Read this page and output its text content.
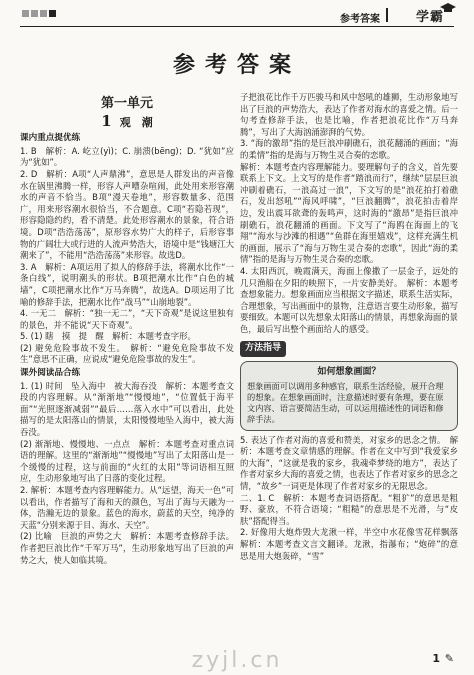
参考答案	学霸
参考答案
第一单元
1 观　潮
课内重点提优练
1. B　解析：A. 屹立(yì)；C. 崩溃(bēng)；D. “犹如”应为“犹如”。
2. D　解析：A项“人声鼎沸”，意思是人群发出的声音像水在锅里沸腾一样，形容人声嘈杂喧闹，此处用来形容潮水的声音不恰当。B项“漫天卷地”，形容数量多、范围广，用来形容潮水很恰当，不合题意。C项“若隐若现”，形容隐隐约约，看不清楚。此处形容潮水的景象，符合语境。D项“浩浩荡荡”，原形容水势广大的样子，后形容事物的广阔壮大或行进的人流声势浩大，语境中是“钱塘江大潮来了”，不能用“浩浩荡荡”来形容。故选D。
3. A　解析：A项运用了拟人的修辞手法，将潮水比作“一条白线”，说明潮头的形状。B项把潮水比作“白色的城墙”，C项把潮水比作“万马奔腾”，故选A。D项运用了比喻的修辞手法，把潮水比作“战马”“山崩地裂”。
4. 一无二　解析：“独一无二”，“天下奇观”是说这里独有的景色，并不能说“天下奇观”。
5. (1) 瞎　摸　提　醒　解析：本题考查字形。
(2) 避免危险事故不发生。　解析：“避免危险事故不发生”意思不正确，应说成“避免危险事故的发生”。
课外阅读品合练
1. (1) 时间　坠入海中　被大海吞没　解析：本题考查文段的内容理解。从“渐渐地”“慢慢地”，“位置低于海平面”“光照逐渐减弱”“最后……落入水中”可以看出，此处描写的是太阳落山的情景，太阳慢慢地坠入海中，被大海吞没。
(2) 渐渐地、慢慢地、一点点　解析：本题考查对重点词语的理解。这里的“渐渐地”“慢慢地”写出了太阳落山是一个缓慢的过程，这与前面的“火红的太阳”等词语相互照应，生动形象地写出了日落的变化过程。
2. 解析：本题考查内容理解能力。从“远望，海天一色”可以看出，作者描写了海和天的颜色，写出了海与天融为一体，浩瀚无边的景象。蓝色的海水，蔚蓝的天空，纯净的天蓝“分别来源于目、海水、天空”。
(2) 比喻　巨浪的声势之大　解析：本题考查修辞手法。作者把巨浪比作“千军万马”，生动形象地写出了巨浪的声势之大，使人如临其境。
子把浪花比作千万匹骏马和风中怒吼的雄狮，生动形象地写出了巨浪的声势浩大，表达了作者对海水的喜爱之情。后一句考查修辞手法，也是比喻，作者把浪花比作“万马奔腾”，写出了大海汹涌澎湃的气势。
3. “海的激昂”指的是巨浪冲刷礁石，浪花翻涌的画面；“海的柔情”指的是海与万物生灵合奏的恋歌。
解析：本题考查内容理解能力。要理解句子的含义，首先要联系上下文。上文写的是作者“踏浪而行”，继续“层层巨浪冲刷着礁石，一浪高过一浪”，下文写的是“浪花拍打着礁石，发出怒吼”“海风呼啸”，“巨浪翻腾”，浪花拍击着岸边，发出震耳欲聋的轰鸣声，这时海的“激昂”是指巨浪冲刷礁石，浪花翻涌的画面。下文写了“海鸥在海面上的飞翔”“海水与沙滩的相遇”“鱼群在海里嬉戏”，这样充满生机的画面，展示了“海与万物生灵合奏的恋歌”，因此“海的柔情”指的是海与万物生灵合奏的恋歌。
4. 太阳西沉，晚霞满天，海面上像撒了一层金子，远处的几只渔船在夕阳的映照下，一片安静美好。　解析：本题考查想象能力。想象画面应当根据文字描述，联系生活实际，合理想象，写出画面中的景物，注意语言要生动形象，描写要细致。本题可以先想象太阳落山的情景，再想象海面的景色，最后写出整个画面给人的感受。
方法指导
如何想象画面？
想象画面可以调用多种感官，联系生活经验，展开合理的想象。在想象画面时，注意描述时要有条理，要在原文内容、语言要简洁生动，可以运用描述性的词语和修辞手法。
5. 表达了作者对海的喜爱和赞美，对家乡的思念之情。　解析：本题考查文章情感的理解。作者在文中写到“我爱家乡的大海”，“这就是我的家乡，我魂牵梦绕的地方”，表达了作者对家乡大海的喜爱之情，也表达了作者对家乡的思念之情，“故乡”一词更是体现了作者对家乡的无限思念。
二、1. C　解析：本题考查词语搭配。“粗犷”的意思是粗野、豪放，不符合语境；“粗糙”的意思是不光滑，与“皮肤”搭配得当。
2. 好像用大炮炸毁大龙湫一样，半空中水花像雪花样飘落　解析：本题考查文言文翻译。龙湫，指瀑布；“炮碎”的意思是用大炮轰碎，“雪”
1 ✎
zyjl.cn
